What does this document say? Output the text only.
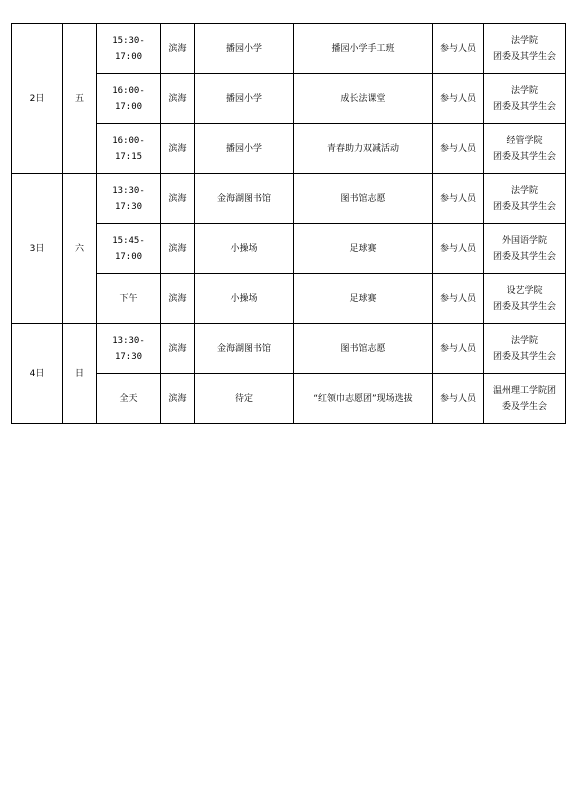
2日	五	15:30-17:00	滨海	播园小学	播园小学手工班	参与人员	法学院
团委及其学生会

		16:00-17:00	滨海	播园小学	成长法课堂	参与人员	法学院
团委及其学生会

		16:00-17:15	滨海	播园小学	青春助力双减活动	参与人员	经管学院
团委及其学生会

3日	六	13:30-17:30	滨海	金海湖图书馆	图书馆志愿	参与人员	法学院
团委及其学生会

		15:45-17:00	滨海	小操场	足球赛	参与人员	外国语学院
团委及其学生会

		下午	滨海	小操场	足球赛	参与人员	设艺学院
团委及其学生会

4日	日	13:30-17:30	滨海	金海湖图书馆	图书馆志愿	参与人员	法学院
团委及其学生会

		全天	滨海	待定	“红领巾志愿团”现场选拔	参与人员	温州理工学院团
委及学生会
